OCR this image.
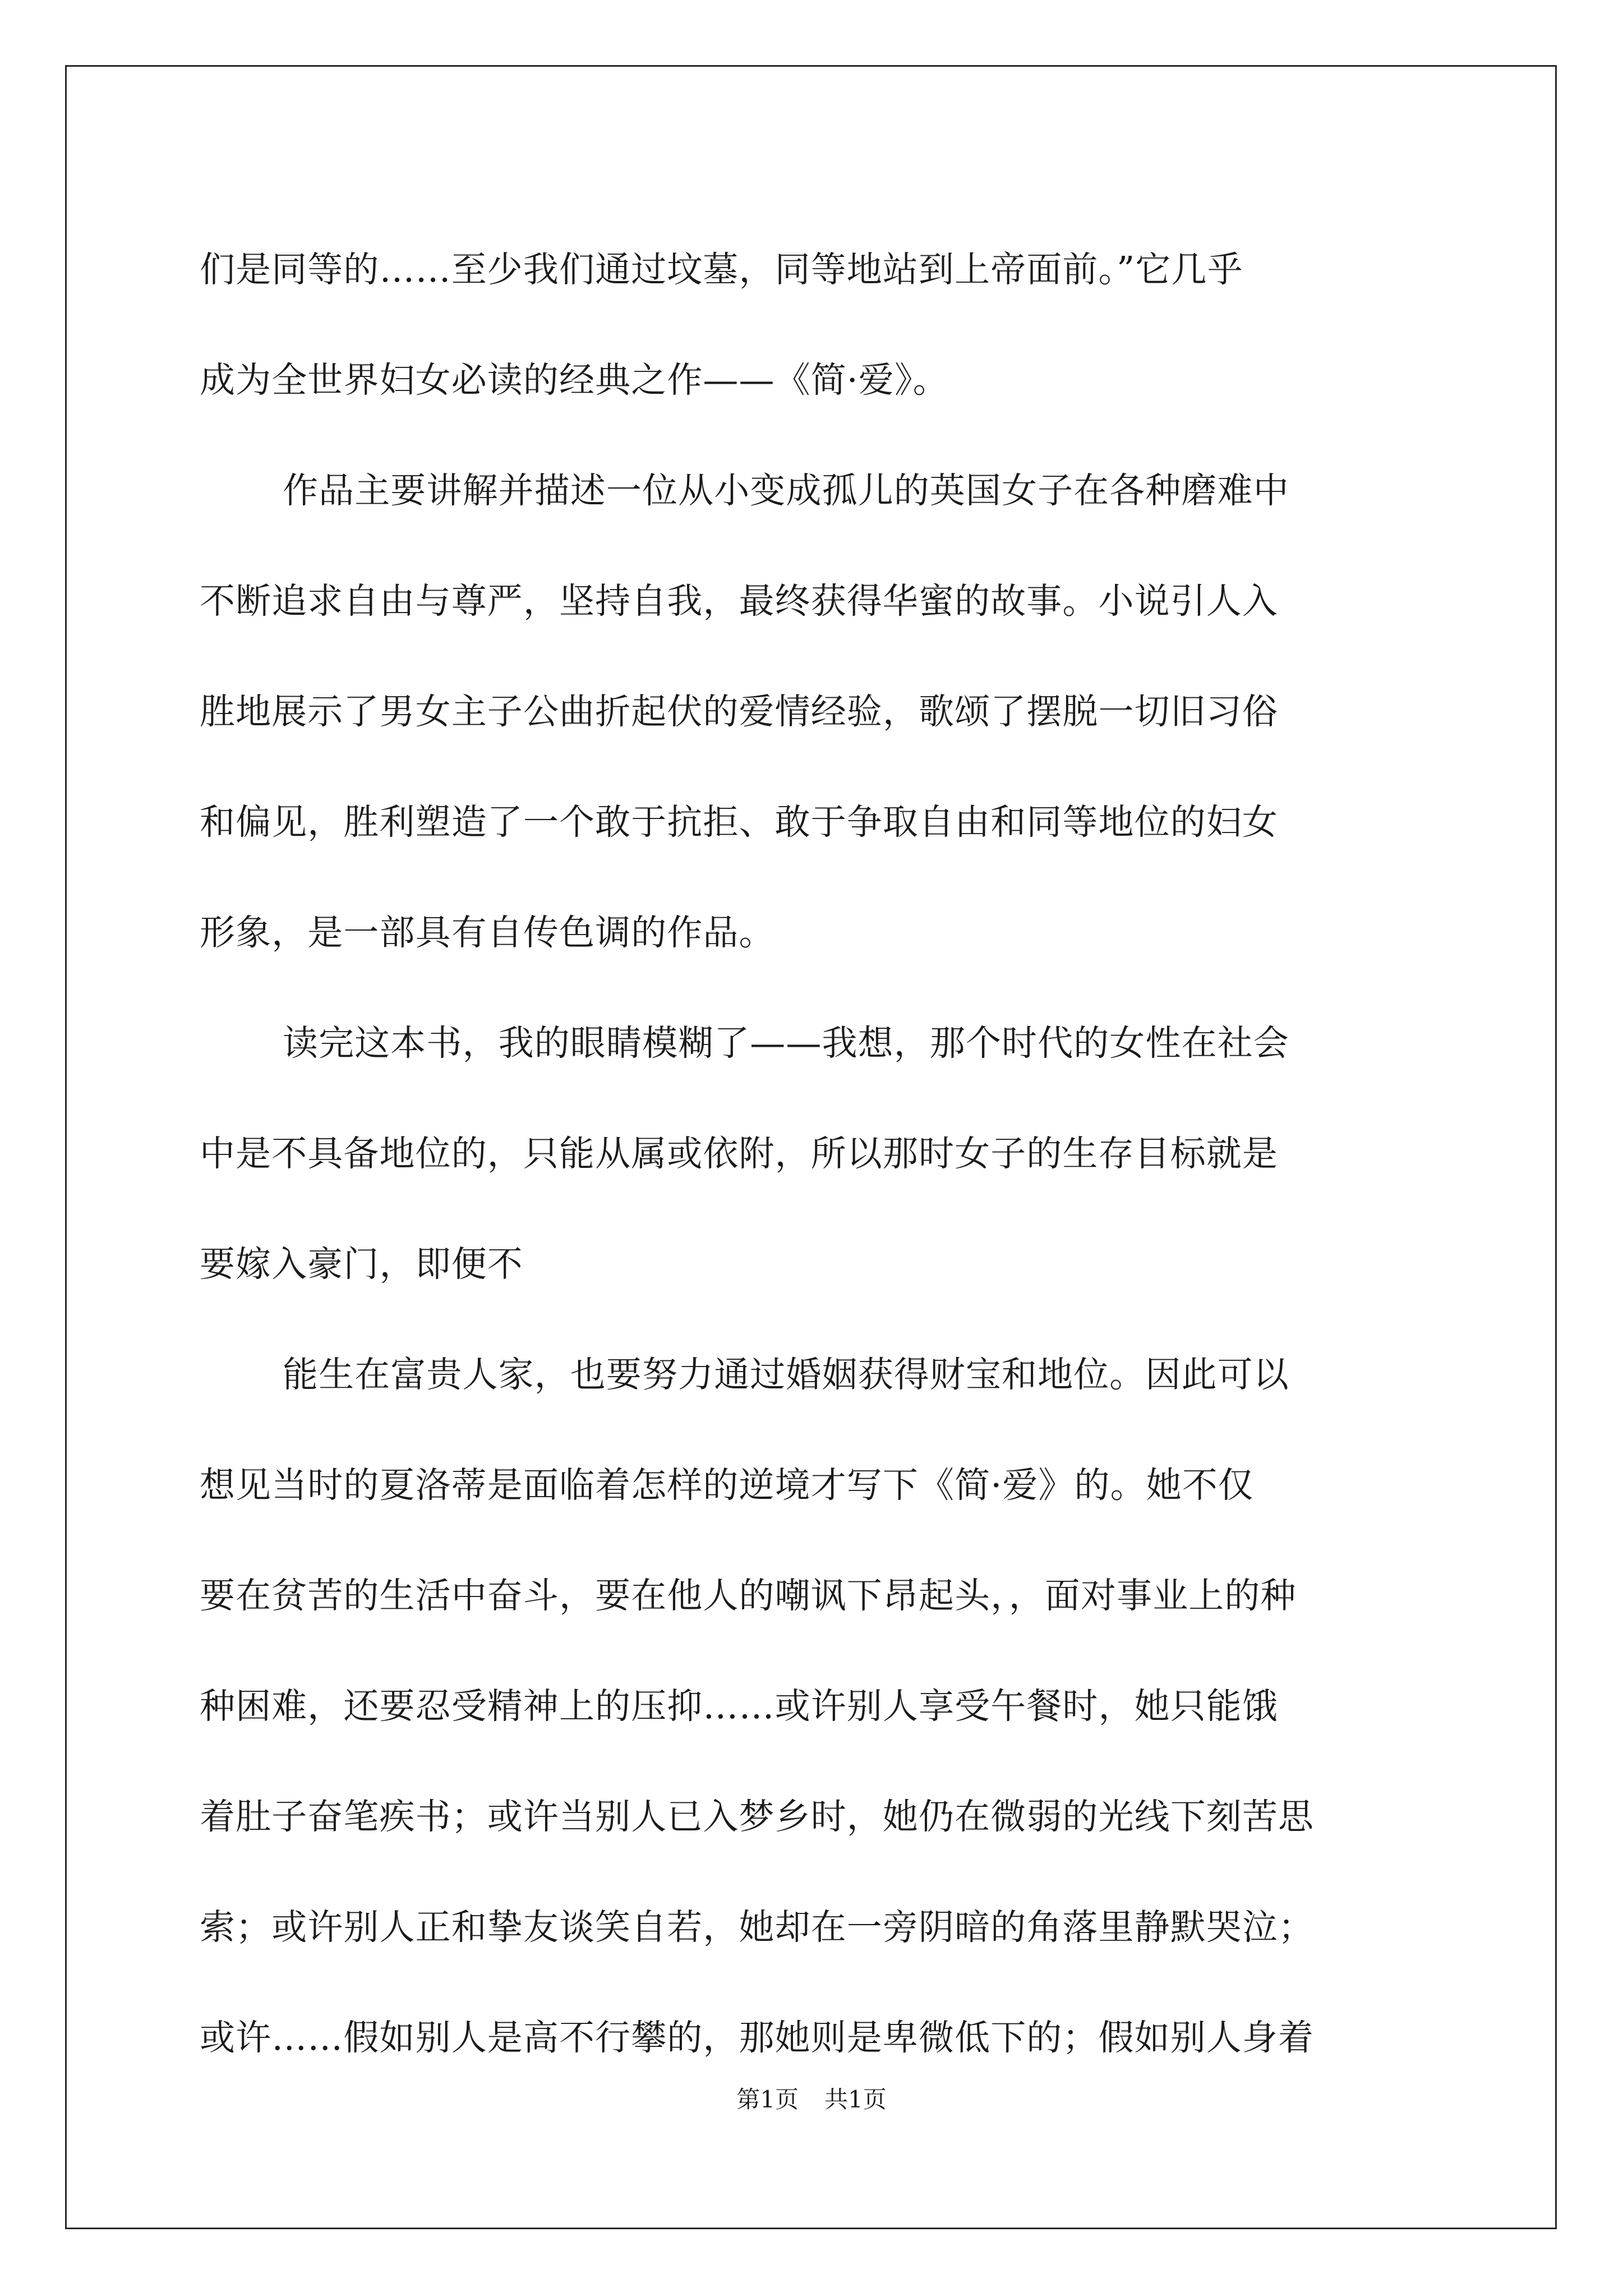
们是同等的……至少我们通过坟墓，同等地站到上帝面前。”它几乎
成为全世界妇女必读的经典之作——《简·爱》。
作品主要讲解并描述一位从小变成孤儿的英国女子在各种磨难中
不断追求自由与尊严，坚持自我，最终获得华蜜的故事。小说引人入
胜地展示了男女主子公曲折起伏的爱情经验，歌颂了摆脱一切旧习俗
和偏见，胜利塑造了一个敢于抗拒、敢于争取自由和同等地位的妇女
形象，是一部具有自传色调的作品。
读完这本书，我的眼睛模糊了——我想，那个时代的女性在社会
中是不具备地位的，只能从属或依附，所以那时女子的生存目标就是
要嫁入豪门，即便不
能生在富贵人家，也要努力通过婚姻获得财宝和地位。因此可以
想见当时的夏洛蒂是面临着怎样的逆境才写下《简·爱》的。她不仅
要在贫苦的生活中奋斗，要在他人的嘲讽下昂起头，，面对事业上的种
种困难，还要忍受精神上的压抑……或许别人享受午餐时，她只能饿
着肚子奋笔疾书；或许当别人已入梦乡时，她仍在微弱的光线下刻苦思
索；或许别人正和挚友谈笑自若，她却在一旁阴暗的角落里静默哭泣；
或许……假如别人是高不行攀的，那她则是卑微低下的；假如别人身着
第1页 共1页
